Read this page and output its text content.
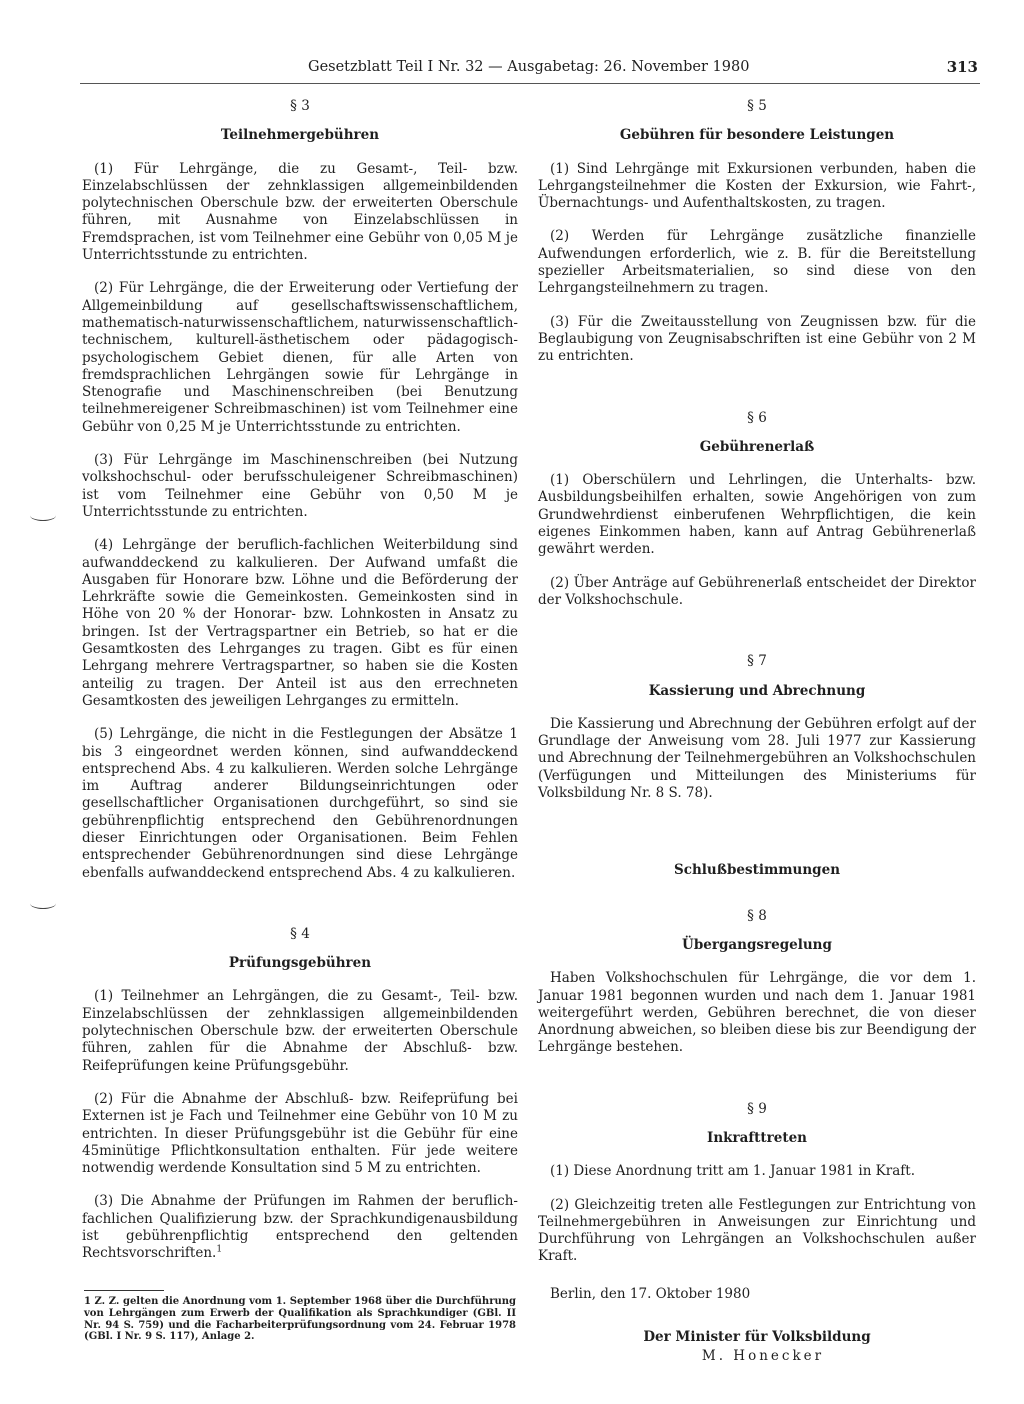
Gesetzblatt Teil I Nr. 32 — Ausgabetag: 26. November 1980	313
§ 3
Teilnehmergebühren

(1) Für Lehrgänge, die zu Gesamt-, Teil- bzw. Einzelabschlüssen der zehnklassigen allgemeinbildenden polytechnischen Oberschule bzw. der erweiterten Oberschule führen, mit Ausnahme von Einzelabschlüssen in Fremdsprachen, ist vom Teilnehmer eine Gebühr von 0,05 M je Unterrichtsstunde zu entrichten.

(2) Für Lehrgänge, die der Erweiterung oder Vertiefung der Allgemeinbildung auf gesellschaftswissenschaftlichem, mathematisch-naturwissenschaftlichem, naturwissenschaftlich-technischem, kulturell-ästhetischem oder pädagogisch-psychologischem Gebiet dienen, für alle Arten von fremdsprachlichen Lehrgängen sowie für Lehrgänge in Stenografie und Maschinenschreiben (bei Benutzung teilnehmereigener Schreibmaschinen) ist vom Teilnehmer eine Gebühr von 0,25 M je Unterrichtsstunde zu entrichten.

(3) Für Lehrgänge im Maschinenschreiben (bei Nutzung volkshochschul- oder berufsschuleigener Schreibmaschinen) ist vom Teilnehmer eine Gebühr von 0,50 M je Unterrichtsstunde zu entrichten.

(4) Lehrgänge der beruflich-fachlichen Weiterbildung sind aufwanddeckend zu kalkulieren. Der Aufwand umfaßt die Ausgaben für Honorare bzw. Löhne und die Beförderung der Lehrkräfte sowie die Gemeinkosten. Gemeinkosten sind in Höhe von 20 % der Honorar- bzw. Lohnkosten in Ansatz zu bringen. Ist der Vertragspartner ein Betrieb, so hat er die Gesamtkosten des Lehrganges zu tragen. Gibt es für einen Lehrgang mehrere Vertragspartner, so haben sie die Kosten anteilig zu tragen. Der Anteil ist aus den errechneten Gesamtkosten des jeweiligen Lehrganges zu ermitteln.

(5) Lehrgänge, die nicht in die Festlegungen der Absätze 1 bis 3 eingeordnet werden können, sind aufwanddeckend entsprechend Abs. 4 zu kalkulieren. Werden solche Lehrgänge im Auftrag anderer Bildungseinrichtungen oder gesellschaftlicher Organisationen durchgeführt, so sind sie gebührenpflichtig entsprechend den Gebührenordnungen dieser Einrichtungen oder Organisationen. Beim Fehlen entsprechender Gebührenordnungen sind diese Lehrgänge ebenfalls aufwanddeckend entsprechend Abs. 4 zu kalkulieren.

§ 4
Prüfungsgebühren

(1) Teilnehmer an Lehrgängen, die zu Gesamt-, Teil- bzw. Einzelabschlüssen der zehnklassigen allgemeinbildenden polytechnischen Oberschule bzw. der erweiterten Oberschule führen, zahlen für die Abnahme der Abschluß- bzw. Reifeprüfungen keine Prüfungsgebühr.

(2) Für die Abnahme der Abschluß- bzw. Reifeprüfung bei Externen ist je Fach und Teilnehmer eine Gebühr von 10 M zu entrichten. In dieser Prüfungsgebühr ist die Gebühr für eine 45minütige Pflichtkonsultation enthalten. Für jede weitere notwendig werdende Konsultation sind 5 M zu entrichten.

(3) Die Abnahme der Prüfungen im Rahmen der beruflich-fachlichen Qualifizierung bzw. der Sprachkundigenausbildung ist gebührenpflichtig entsprechend den geltenden Rechtsvorschriften.$^1$

1 Z. Z. gelten die Anordnung vom 1. September 1968 über die Durchführung von Lehrgängen zum Erwerb der Qualifikation als Sprachkundiger (GBl. II Nr. 94 S. 759) und die Facharbeiterprüfungsordnung vom 24. Februar 1978 (GBl. I Nr. 9 S. 117), Anlage 2.
§ 5
Gebühren für besondere Leistungen

(1) Sind Lehrgänge mit Exkursionen verbunden, haben die Lehrgangsteilnehmer die Kosten der Exkursion, wie Fahrt-, Übernachtungs- und Aufenthaltskosten, zu tragen.

(2) Werden für Lehrgänge zusätzliche finanzielle Aufwendungen erforderlich, wie z. B. für die Bereitstellung spezieller Arbeitsmaterialien, so sind diese von den Lehrgangsteilnehmern zu tragen.

(3) Für die Zweitausstellung von Zeugnissen bzw. für die Beglaubigung von Zeugnisabschriften ist eine Gebühr von 2 M zu entrichten.

§ 6
Gebührenerlaß

(1) Oberschülern und Lehrlingen, die Unterhalts- bzw. Ausbildungsbeihilfen erhalten, sowie Angehörigen von zum Grundwehrdienst einberufenen Wehrpflichtigen, die kein eigenes Einkommen haben, kann auf Antrag Gebührenerlaß gewährt werden.

(2) Über Anträge auf Gebührenerlaß entscheidet der Direktor der Volkshochschule.

§ 7
Kassierung und Abrechnung

Die Kassierung und Abrechnung der Gebühren erfolgt auf der Grundlage der Anweisung vom 28. Juli 1977 zur Kassierung und Abrechnung der Teilnehmergebühren an Volkshochschulen (Verfügungen und Mitteilungen des Ministeriums für Volksbildung Nr. 8 S. 78).

Schlußbestimmungen
§ 8
Übergangsregelung

Haben Volkshochschulen für Lehrgänge, die vor dem 1. Januar 1981 begonnen wurden und nach dem 1. Januar 1981 weitergeführt werden, Gebühren berechnet, die von dieser Anordnung abweichen, so bleiben diese bis zur Beendigung der Lehrgänge bestehen.

§ 9
Inkrafttreten

(1) Diese Anordnung tritt am 1. Januar 1981 in Kraft.

(2) Gleichzeitig treten alle Festlegungen zur Entrichtung von Teilnehmergebühren in Anweisungen zur Einrichtung und Durchführung von Lehrgängen an Volkshochschulen außer Kraft.

Berlin, den 17. Oktober 1980

Der Minister für Volksbildung

M. Honecker
